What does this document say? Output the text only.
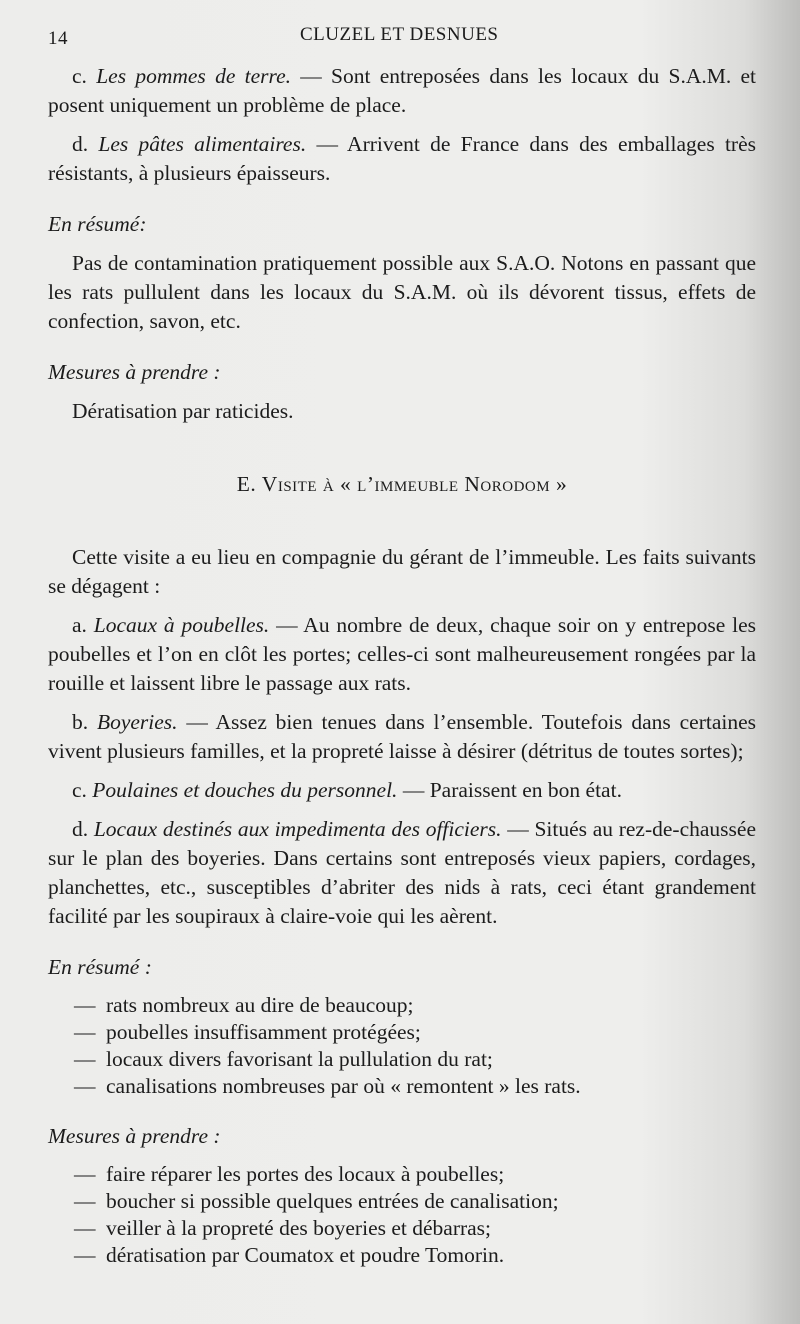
14	CLUZEL ET DESNUES

c. Les pommes de terre. — Sont entreposées dans les locaux du S.A.M. et posent uniquement un problème de place.

d. Les pâtes alimentaires. — Arrivent de France dans des emballages très résistants, à plusieurs épaisseurs.

En résumé:

Pas de contamination pratiquement possible aux S.A.O. Notons en passant que les rats pullulent dans les locaux du S.A.M. où ils dévorent tissus, effets de confection, savon, etc.

Mesures à prendre :

Dératisation par raticides.

E. Visite à « l’immeuble Norodom »

Cette visite a eu lieu en compagnie du gérant de l’immeuble. Les faits suivants se dégagent :

a. Locaux à poubelles. — Au nombre de deux, chaque soir on y entrepose les poubelles et l’on en clôt les portes; celles-ci sont malheureusement rongées par la rouille et laissent libre le passage aux rats.

b. Boyeries. — Assez bien tenues dans l’ensemble. Toutefois dans certaines vivent plusieurs familles, et la propreté laisse à désirer (détritus de toutes sortes);

c. Poulaines et douches du personnel. — Paraissent en bon état.

d. Locaux destinés aux impedimenta des officiers. — Situés au rez-de-chaussée sur le plan des boyeries. Dans certains sont entreposés vieux papiers, cordages, planchettes, etc., susceptibles d’abriter des nids à rats, ceci étant grandement facilité par les soupiraux à claire-voie qui les aèrent.

En résumé :

— rats nombreux au dire de beaucoup;
— poubelles insuffisamment protégées;
— locaux divers favorisant la pullulation du rat;
— canalisations nombreuses par où « remontent » les rats.

Mesures à prendre :

— faire réparer les portes des locaux à poubelles;
— boucher si possible quelques entrées de canalisation;
— veiller à la propreté des boyeries et débarras;
— dératisation par Coumatox et poudre Tomorin.
